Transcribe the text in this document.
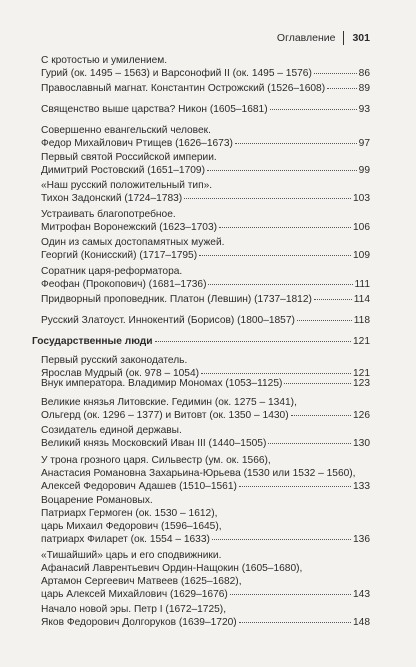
Оглавление 301
С кротостью и умилением.
Гурий (ок. 1495 – 1563) и Варсонофий II (ок. 1495 – 1576)	86
Православный магнат. Константин Острожский (1526–1608)	89
Священство выше царства? Никон (1605–1681)	93
Совершенно евангельский человек.
Федор Михайлович Ртищев (1626–1673)	97
Первый святой Российской империи.
Димитрий Ростовский (1651–1709)	99
«Наш русский положительный тип».
Тихон Задонский (1724–1783)	103
Устраивать благопотребное.
Митрофан Воронежский (1623–1703)	106
Один из самых достопамятных мужей.
Георгий (Конисский) (1717–1795)	109
Соратник царя-реформатора.
Феофан (Прокопович) (1681–1736)	111
Придворный проповедник. Платон (Левшин) (1737–1812)	114
Русский Златоуст. Иннокентий (Борисов) (1800–1857)	118
Государственные люди	121
Первый русский законодатель.
Ярослав Мудрый (ок. 978 – 1054)	121
Внук императора. Владимир Мономах (1053–1125)	123
Великие князья Литовские. Гедимин (ок. 1275 – 1341),
Ольгерд (ок. 1296 – 1377) и Витовт (ок. 1350 – 1430)	126
Созидатель единой державы.
Великий князь Московский Иван III (1440–1505)	130
У трона грозного царя. Сильвестр (ум. ок. 1566),
Анастасия Романовна Захарьина-Юрьева (1530 или 1532 – 1560),
Алексей Федорович Адашев (1510–1561)	133
Воцарение Романовых.
Патриарх Гермоген (ок. 1530 – 1612),
царь Михаил Федорович (1596–1645),
патриарх Филарет (ок. 1554 – 1633)	136
«Тишайший» царь и его сподвижники.
Афанасий Лаврентьевич Ордин-Нащокин (1605–1680),
Артамон Сергеевич Матвеев (1625–1682),
царь Алексей Михайлович (1629–1676)	143
Начало новой эры. Петр I (1672–1725),
Яков Федорович Долгоруков (1639–1720)	148
